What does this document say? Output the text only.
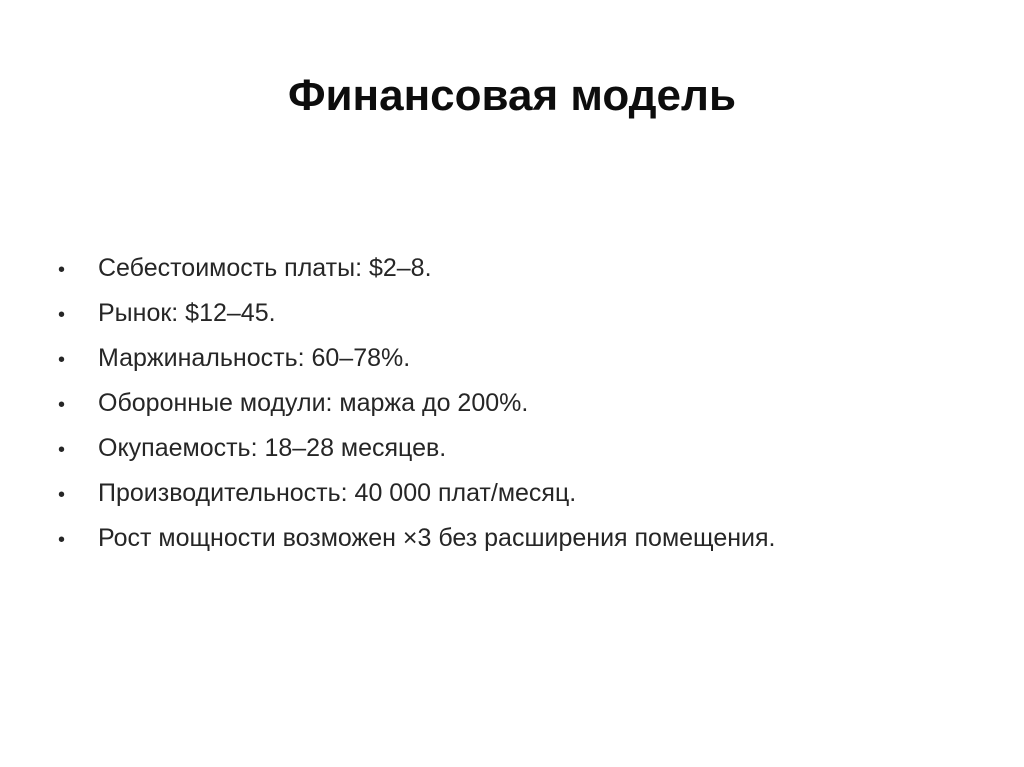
Финансовая модель
•	Себестоимость платы: $2–8.
•	Рынок: $12–45.
•	Маржинальность: 60–78%.
•	Оборонные модули: маржа до 200%.
•	Окупаемость: 18–28 месяцев.
•	Производительность: 40 000 плат/месяц.
•	Рост мощности возможен ×3 без расширения помещения.
